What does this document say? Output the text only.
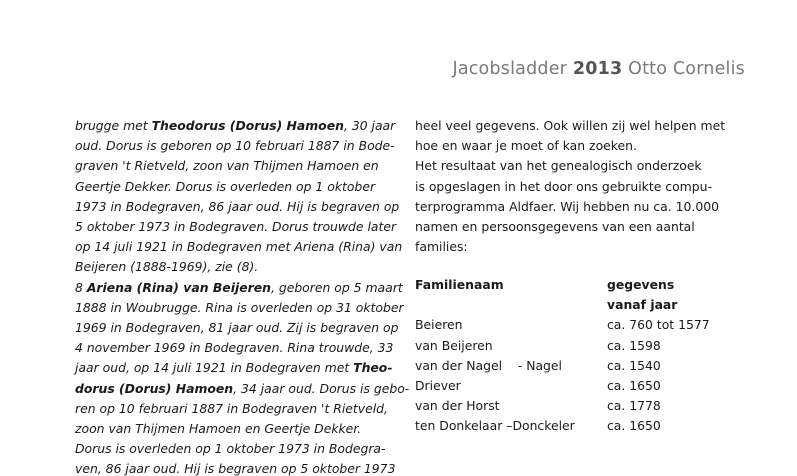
Jacobsladder 2013 Otto Cornelis
brugge met Theodorus (Dorus) Hamoen, 30 jaar
oud. Dorus is geboren op 10 februari 1887 in Bode-
graven 't Rietveld, zoon van Thijmen Hamoen en
Geertje Dekker. Dorus is overleden op 1 oktober
1973 in Bodegraven, 86 jaar oud. Hij is begraven op
5 oktober 1973 in Bodegraven. Dorus trouwde later
op 14 juli 1921 in Bodegraven met Ariena (Rina) van
Beijeren (1888-1969), zie (8).
8 Ariena (Rina) van Beijeren, geboren op 5 maart
1888 in Woubrugge. Rina is overleden op 31 oktober
1969 in Bodegraven, 81 jaar oud. Zij is begraven op
4 november 1969 in Bodegraven. Rina trouwde, 33
jaar oud, op 14 juli 1921 in Bodegraven met Theo-
dorus (Dorus) Hamoen, 34 jaar oud. Dorus is gebo-
ren op 10 februari 1887 in Bodegraven 't Rietveld,
zoon van Thijmen Hamoen en Geertje Dekker.
Dorus is overleden op 1 oktober 1973 in Bodegra-
ven, 86 jaar oud. Hij is begraven op 5 oktober 1973
heel veel gegevens. Ook willen zij wel helpen met
hoe en waar je moet of kan zoeken.
Het resultaat van het genealogisch onderzoek
is opgeslagen in het door ons gebruikte compu-
terprogramma Aldfaer. Wij hebben nu ca. 10.000
namen en persoonsgegevens van een aantal
families:
Familienaam	gegevens
vanaf jaar
Beieren	ca. 760 tot 1577
van Beijeren	ca. 1598
van der Nagel    - Nagel	ca. 1540
Driever	ca. 1650
van der Horst	ca. 1778
ten Donkelaar –Donckeler	ca. 1650
